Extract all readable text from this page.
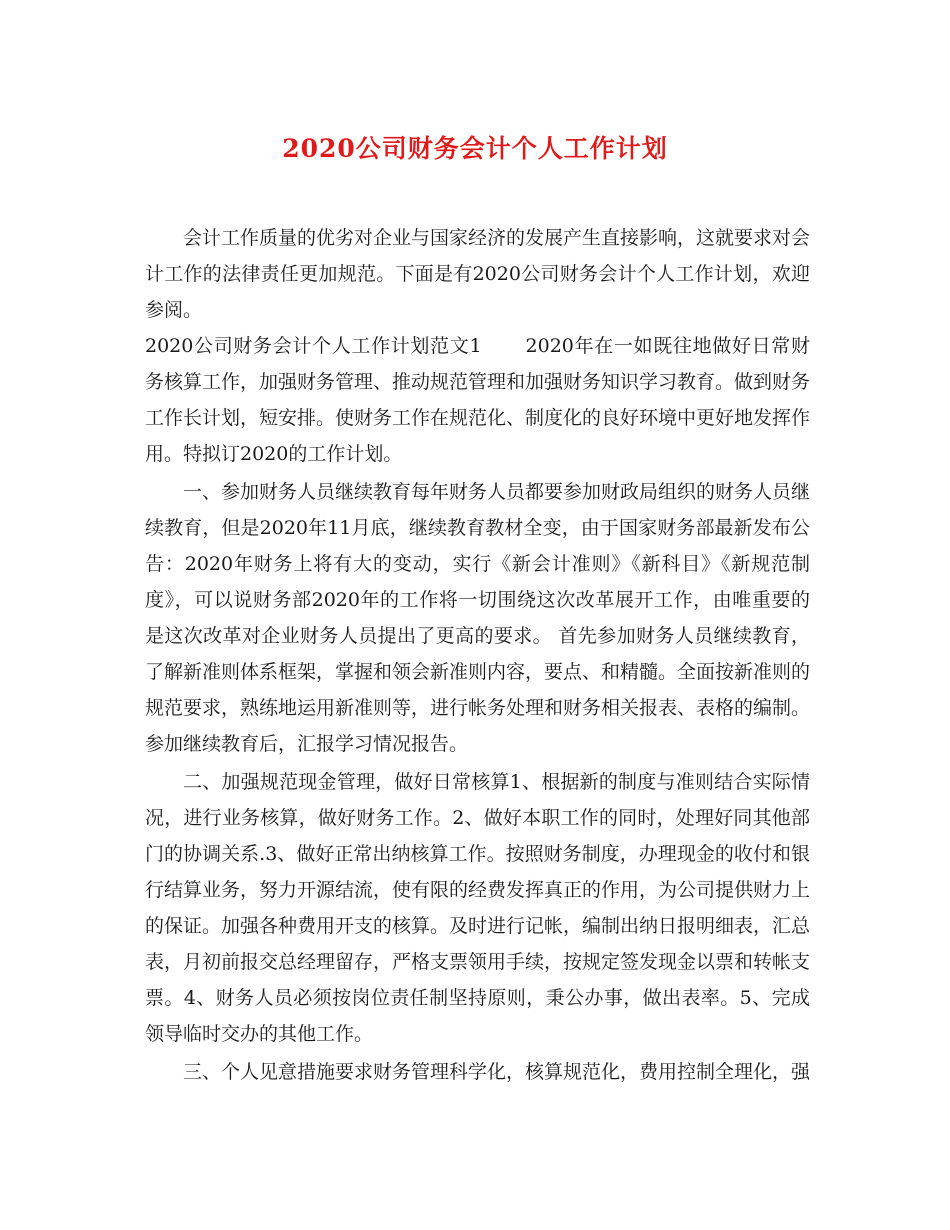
2020公司财务会计个人工作计划

会计工作质量的优劣对企业与国家经济的发展产生直接影响，这就要求对会计工作的法律责任更加规范。下面是有2020公司财务会计个人工作计划，欢迎参阅。

2020公司财务会计个人工作计划范文1 2020年在一如既往地做好日常财务核算工作，加强财务管理、推动规范管理和加强财务知识学习教育。做到财务工作长计划，短安排。使财务工作在规范化、制度化的良好环境中更好地发挥作用。特拟订2020的工作计划。

一、参加财务人员继续教育每年财务人员都要参加财政局组织的财务人员继续教育，但是2020年11月底，继续教育教材全变，由于国家财务部最新发布公告：2020年财务上将有大的变动，实行《新会计准则》《新科目》《新规范制度》，可以说财务部2020年的工作将一切围绕这次改革展开工作，由唯重要的是这次改革对企业财务人员提出了更高的要求。 首先参加财务人员继续教育，了解新准则体系框架，掌握和领会新准则内容，要点、和精髓。全面按新准则的规范要求，熟练地运用新准则等，进行帐务处理和财务相关报表、表格的编制。 参加继续教育后，汇报学习情况报告。

二、加强规范现金管理，做好日常核算1、根据新的制度与准则结合实际情况，进行业务核算，做好财务工作。2、做好本职工作的同时，处理好同其他部门的协调关系.3、做好正常出纳核算工作。按照财务制度，办理现金的收付和银行结算业务，努力开源结流，使有限的经费发挥真正的作用，为公司提供财力上的保证。加强各种费用开支的核算。及时进行记帐，编制出纳日报明细表，汇总表，月初前报交总经理留存，严格支票领用手续，按规定签发现金以票和转帐支票。4、财务人员必须按岗位责任制坚持原则，秉公办事，做出表率。5、完成领导临时交办的其他工作。

三、个人见意措施要求财务管理科学化，核算规范化，费用控制全理化，强
